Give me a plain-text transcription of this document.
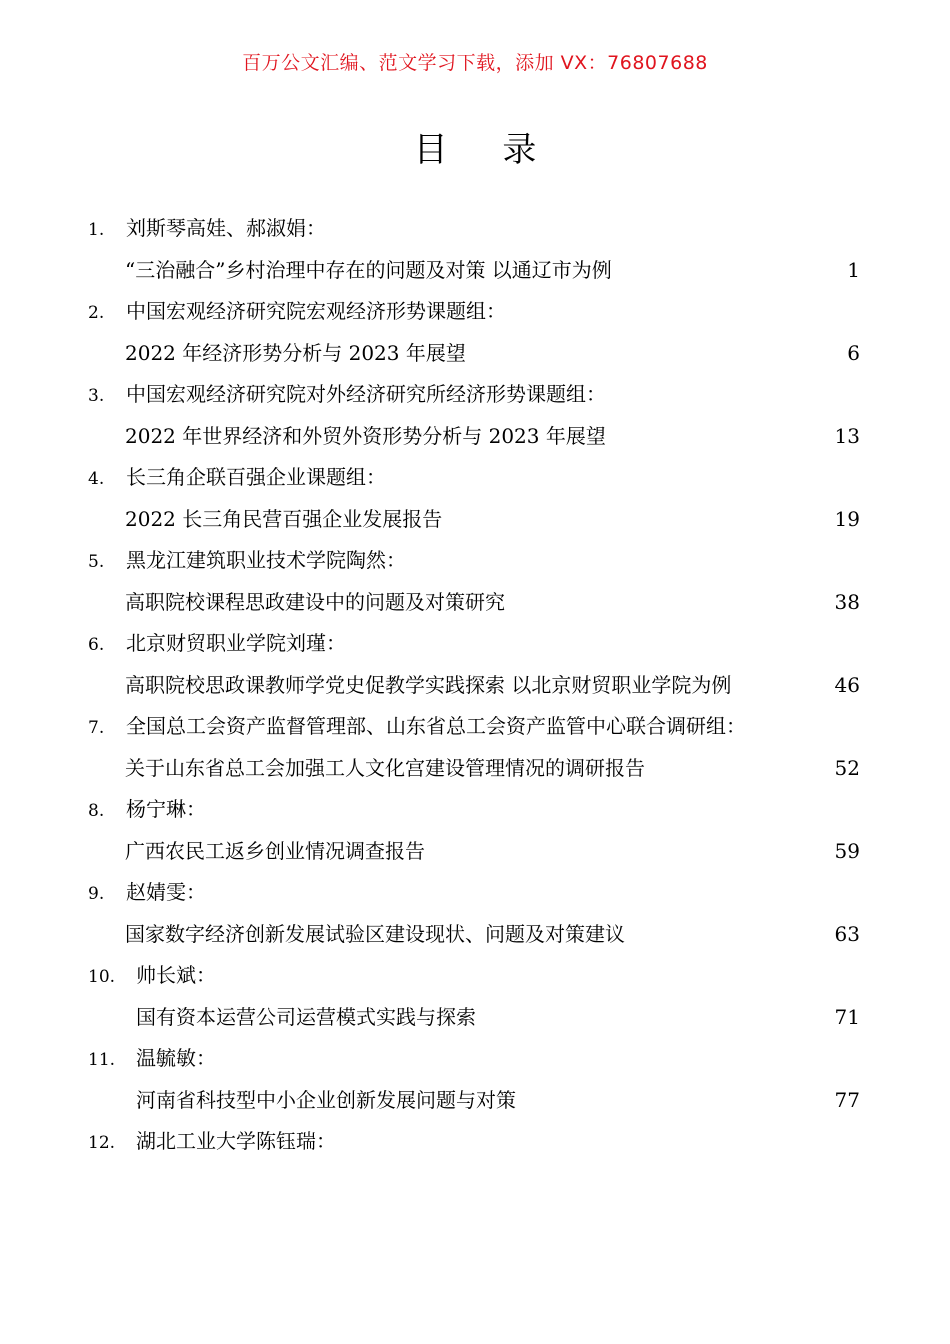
百万公文汇编、范文学习下载，添加 VX：76807688
目 录
1. 刘斯琴高娃、郝淑娟：
“三治融合”乡村治理中存在的问题及对策 以通辽市为例	1
2. 中国宏观经济研究院宏观经济形势课题组：
2022 年经济形势分析与 2023 年展望	6
3. 中国宏观经济研究院对外经济研究所经济形势课题组：
2022 年世界经济和外贸外资形势分析与 2023 年展望	13
4. 长三角企联百强企业课题组：
2022 长三角民营百强企业发展报告	19
5. 黑龙江建筑职业技术学院陶然：
高职院校课程思政建设中的问题及对策研究	38
6. 北京财贸职业学院刘瑾：
高职院校思政课教师学党史促教学实践探索 以北京财贸职业学院为例	46
7. 全国总工会资产监督管理部、山东省总工会资产监管中心联合调研组：
关于山东省总工会加强工人文化宫建设管理情况的调研报告	52
8. 杨宁琳：
广西农民工返乡创业情况调查报告	59
9. 赵婧雯：
国家数字经济创新发展试验区建设现状、问题及对策建议	63
10. 帅长斌：
国有资本运营公司运营模式实践与探索	71
11. 温毓敏：
河南省科技型中小企业创新发展问题与对策	77
12. 湖北工业大学陈钰瑞：
